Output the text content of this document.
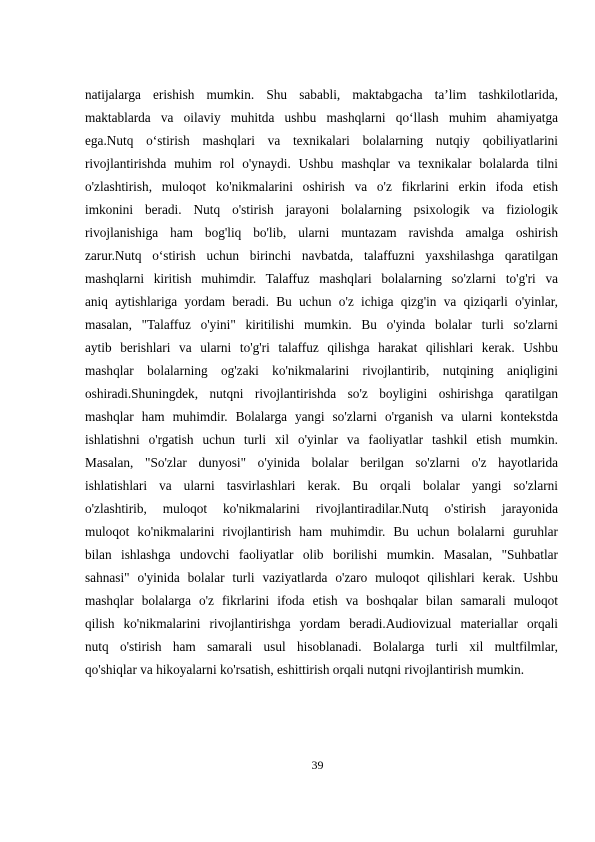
natijalarga erishish mumkin. Shu sababli, maktabgacha ta’lim tashkilotlarida,
maktablarda va oilaviy muhitda ushbu mashqlarni qo‘llash muhim ahamiyatga
ega.Nutq o‘stirish mashqlari va texnikalari bolalarning nutqiy qobiliyatlarini
rivojlantirishda muhim rol o'ynaydi. Ushbu mashqlar va texnikalar bolalarda tilni
o'zlashtirish, muloqot ko'nikmalarini oshirish va o'z fikrlarini erkin ifoda etish
imkonini beradi. Nutq o'stirish jarayoni bolalarning psixologik va fiziologik
rivojlanishiga ham bog'liq bo'lib, ularni muntazam ravishda amalga oshirish
zarur.Nutq o‘stirish uchun birinchi navbatda, talaffuzni yaxshilashga qaratilgan
mashqlarni kiritish muhimdir. Talaffuz mashqlari bolalarning so'zlarni to'g'ri va
aniq aytishlariga yordam beradi. Bu uchun o'z ichiga qizg'in va qiziqarli o'yinlar,
masalan, "Talaffuz o'yini" kiritilishi mumkin. Bu o'yinda bolalar turli so'zlarni
aytib berishlari va ularni to'g'ri talaffuz qilishga harakat qilishlari kerak. Ushbu
mashqlar bolalarning og'zaki ko'nikmalarini rivojlantirib, nutqining aniqligini
oshiradi.Shuningdek, nutqni rivojlantirishda so'z boyligini oshirishga qaratilgan
mashqlar ham muhimdir. Bolalarga yangi so'zlarni o'rganish va ularni kontekstda
ishlatishni o'rgatish uchun turli xil o'yinlar va faoliyatlar tashkil etish mumkin.
Masalan, "So'zlar dunyosi" o'yinida bolalar berilgan so'zlarni o'z hayotlarida
ishlatishlari va ularni tasvirlashlari kerak. Bu orqali bolalar yangi so'zlarni
o'zlashtirib, muloqot ko'nikmalarini rivojlantiradilar.Nutq o'stirish jarayonida
muloqot ko'nikmalarini rivojlantirish ham muhimdir. Bu uchun bolalarni guruhlar
bilan ishlashga undovchi faoliyatlar olib borilishi mumkin. Masalan, "Suhbatlar
sahnasi" o'yinida bolalar turli vaziyatlarda o'zaro muloqot qilishlari kerak. Ushbu
mashqlar bolalarga o'z fikrlarini ifoda etish va boshqalar bilan samarali muloqot
qilish ko'nikmalarini rivojlantirishga yordam beradi.Audiovizual materiallar orqali
nutq o'stirish ham samarali usul hisoblanadi. Bolalarga turli xil multfilmlar,
qo'shiqlar va hikoyalarni ko'rsatish, eshittirish orqali nutqni rivojlantirish mumkin.
39
